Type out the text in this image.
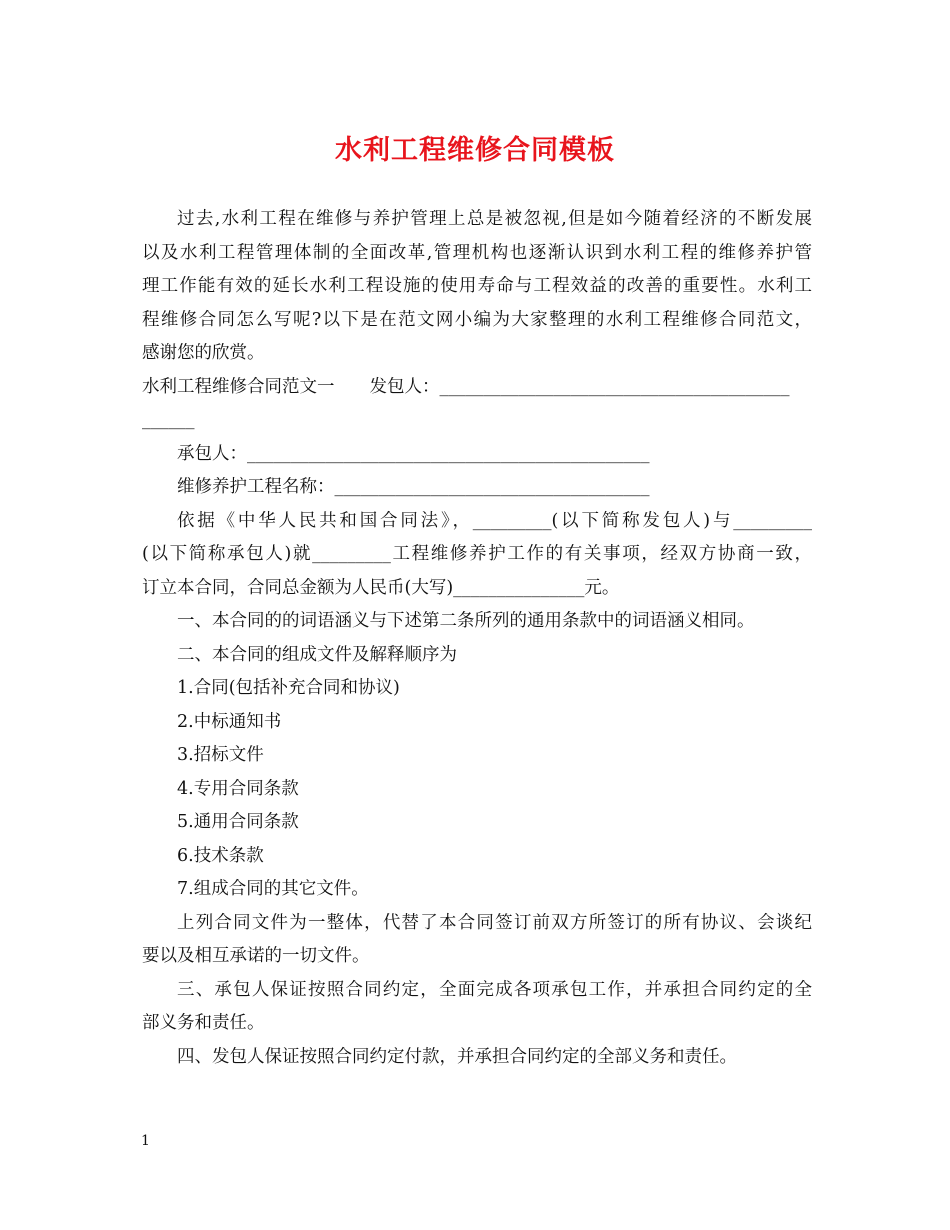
水利工程维修合同模板
过去,水利工程在维修与养护管理上总是被忽视,但是如今随着经济的不断发展
以及水利工程管理体制的全面改革,管理机构也逐渐认识到水利工程的维修养护管
理工作能有效的延长水利工程设施的使用寿命与工程效益的改善的重要性。水利工
程维修合同怎么写呢?以下是在范文网小编为大家整理的水利工程维修合同范文，
感谢您的欣赏。
水利工程维修合同范文一　　发包人：________________________________________
______
承包人：______________________________________________
维修养护工程名称：____________________________________
依据《中华人民共和国合同法》，_________(以下简称发包人)与_________
(以下简称承包人)就_________工程维修养护工作的有关事项，经双方协商一致，
订立本合同，合同总金额为人民币(大写)_______________元。
一、本合同的的词语涵义与下述第二条所列的通用条款中的词语涵义相同。
二、本合同的组成文件及解释顺序为
1.合同(包括补充合同和协议)
2.中标通知书
3.招标文件
4.专用合同条款
5.通用合同条款
6.技术条款
7.组成合同的其它文件。
上列合同文件为一整体，代替了本合同签订前双方所签订的所有协议、会谈纪
要以及相互承诺的一切文件。
三、承包人保证按照合同约定，全面完成各项承包工作，并承担合同约定的全
部义务和责任。
四、发包人保证按照合同约定付款，并承担合同约定的全部义务和责任。
1
